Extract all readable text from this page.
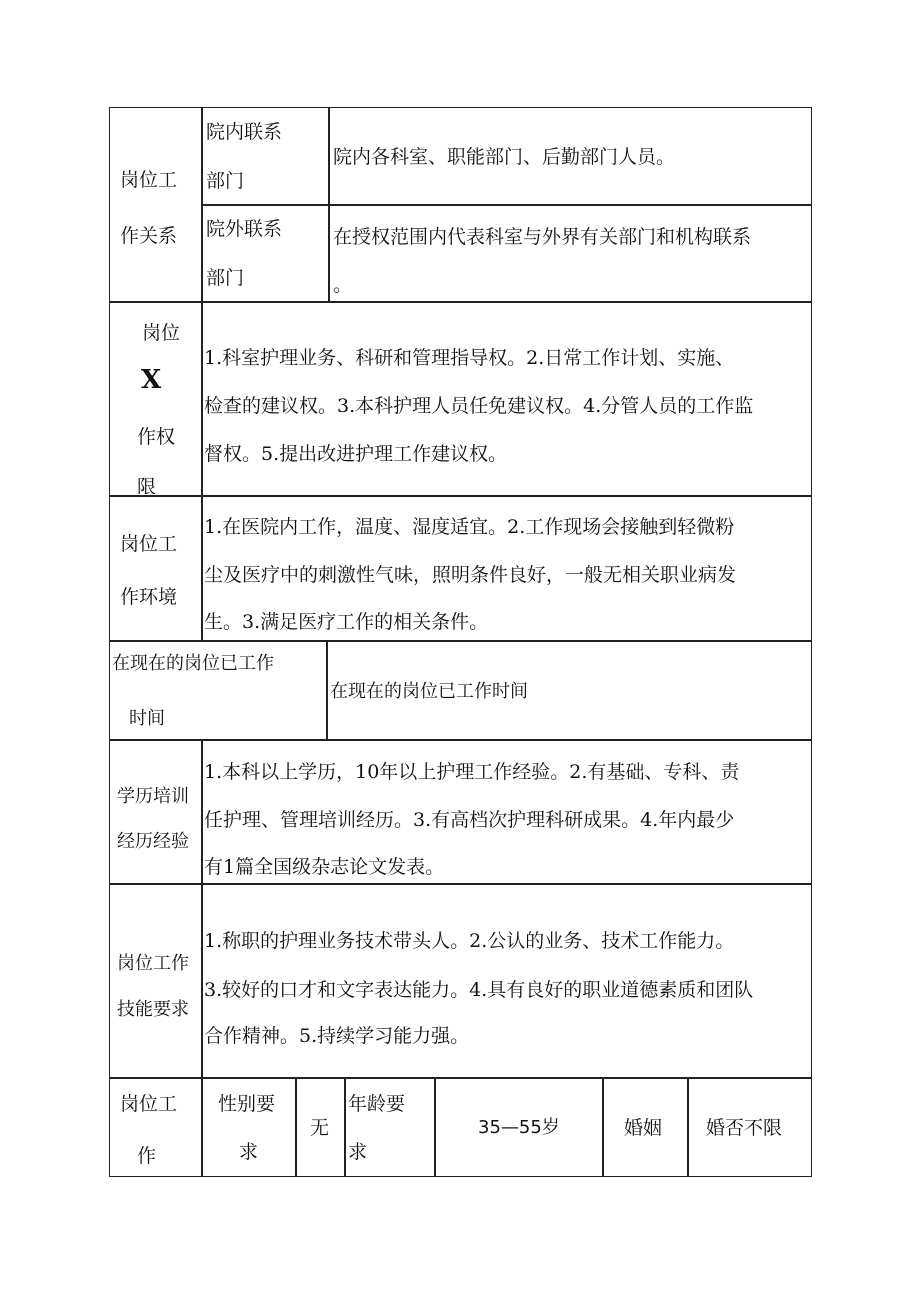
岗位工
作关系
院内联系
部门
院内各科室、职能部门、后勤部门人员。
院外联系
部门
在授权范围内代表科室与外界有关部门和机构联系
。
岗位
X
作权
限
1.科室护理业务、科研和管理指导权。2.日常工作计划、实施、
检查的建议权。3.本科护理人员任免建议权。4.分管人员的工作监
督权。5.提出改进护理工作建议权。
岗位工
作环境
1.在医院内工作，温度、湿度适宜。2.工作现场会接触到轻微粉
尘及医疗中的刺激性气味，照明条件良好，一般无相关职业病发
生。3.满足医疗工作的相关条件。
在现在的岗位已工作
时间
在现在的岗位已工作时间
学历培训
经历经验
1.本科以上学历，10年以上护理工作经验。2.有基础、专科、责
任护理、管理培训经历。3.有高档次护理科研成果。4.年内最少
有1篇全国级杂志论文发表。
岗位工作
技能要求
1.称职的护理业务技术带头人。2.公认的业务、技术工作能力。
3.较好的口才和文字表达能力。4.具有良好的职业道德素质和团队
合作精神。5.持续学习能力强。
岗位工
作
性别要
求
无
年龄要
求
35—55岁	婚姻 婚否不限
